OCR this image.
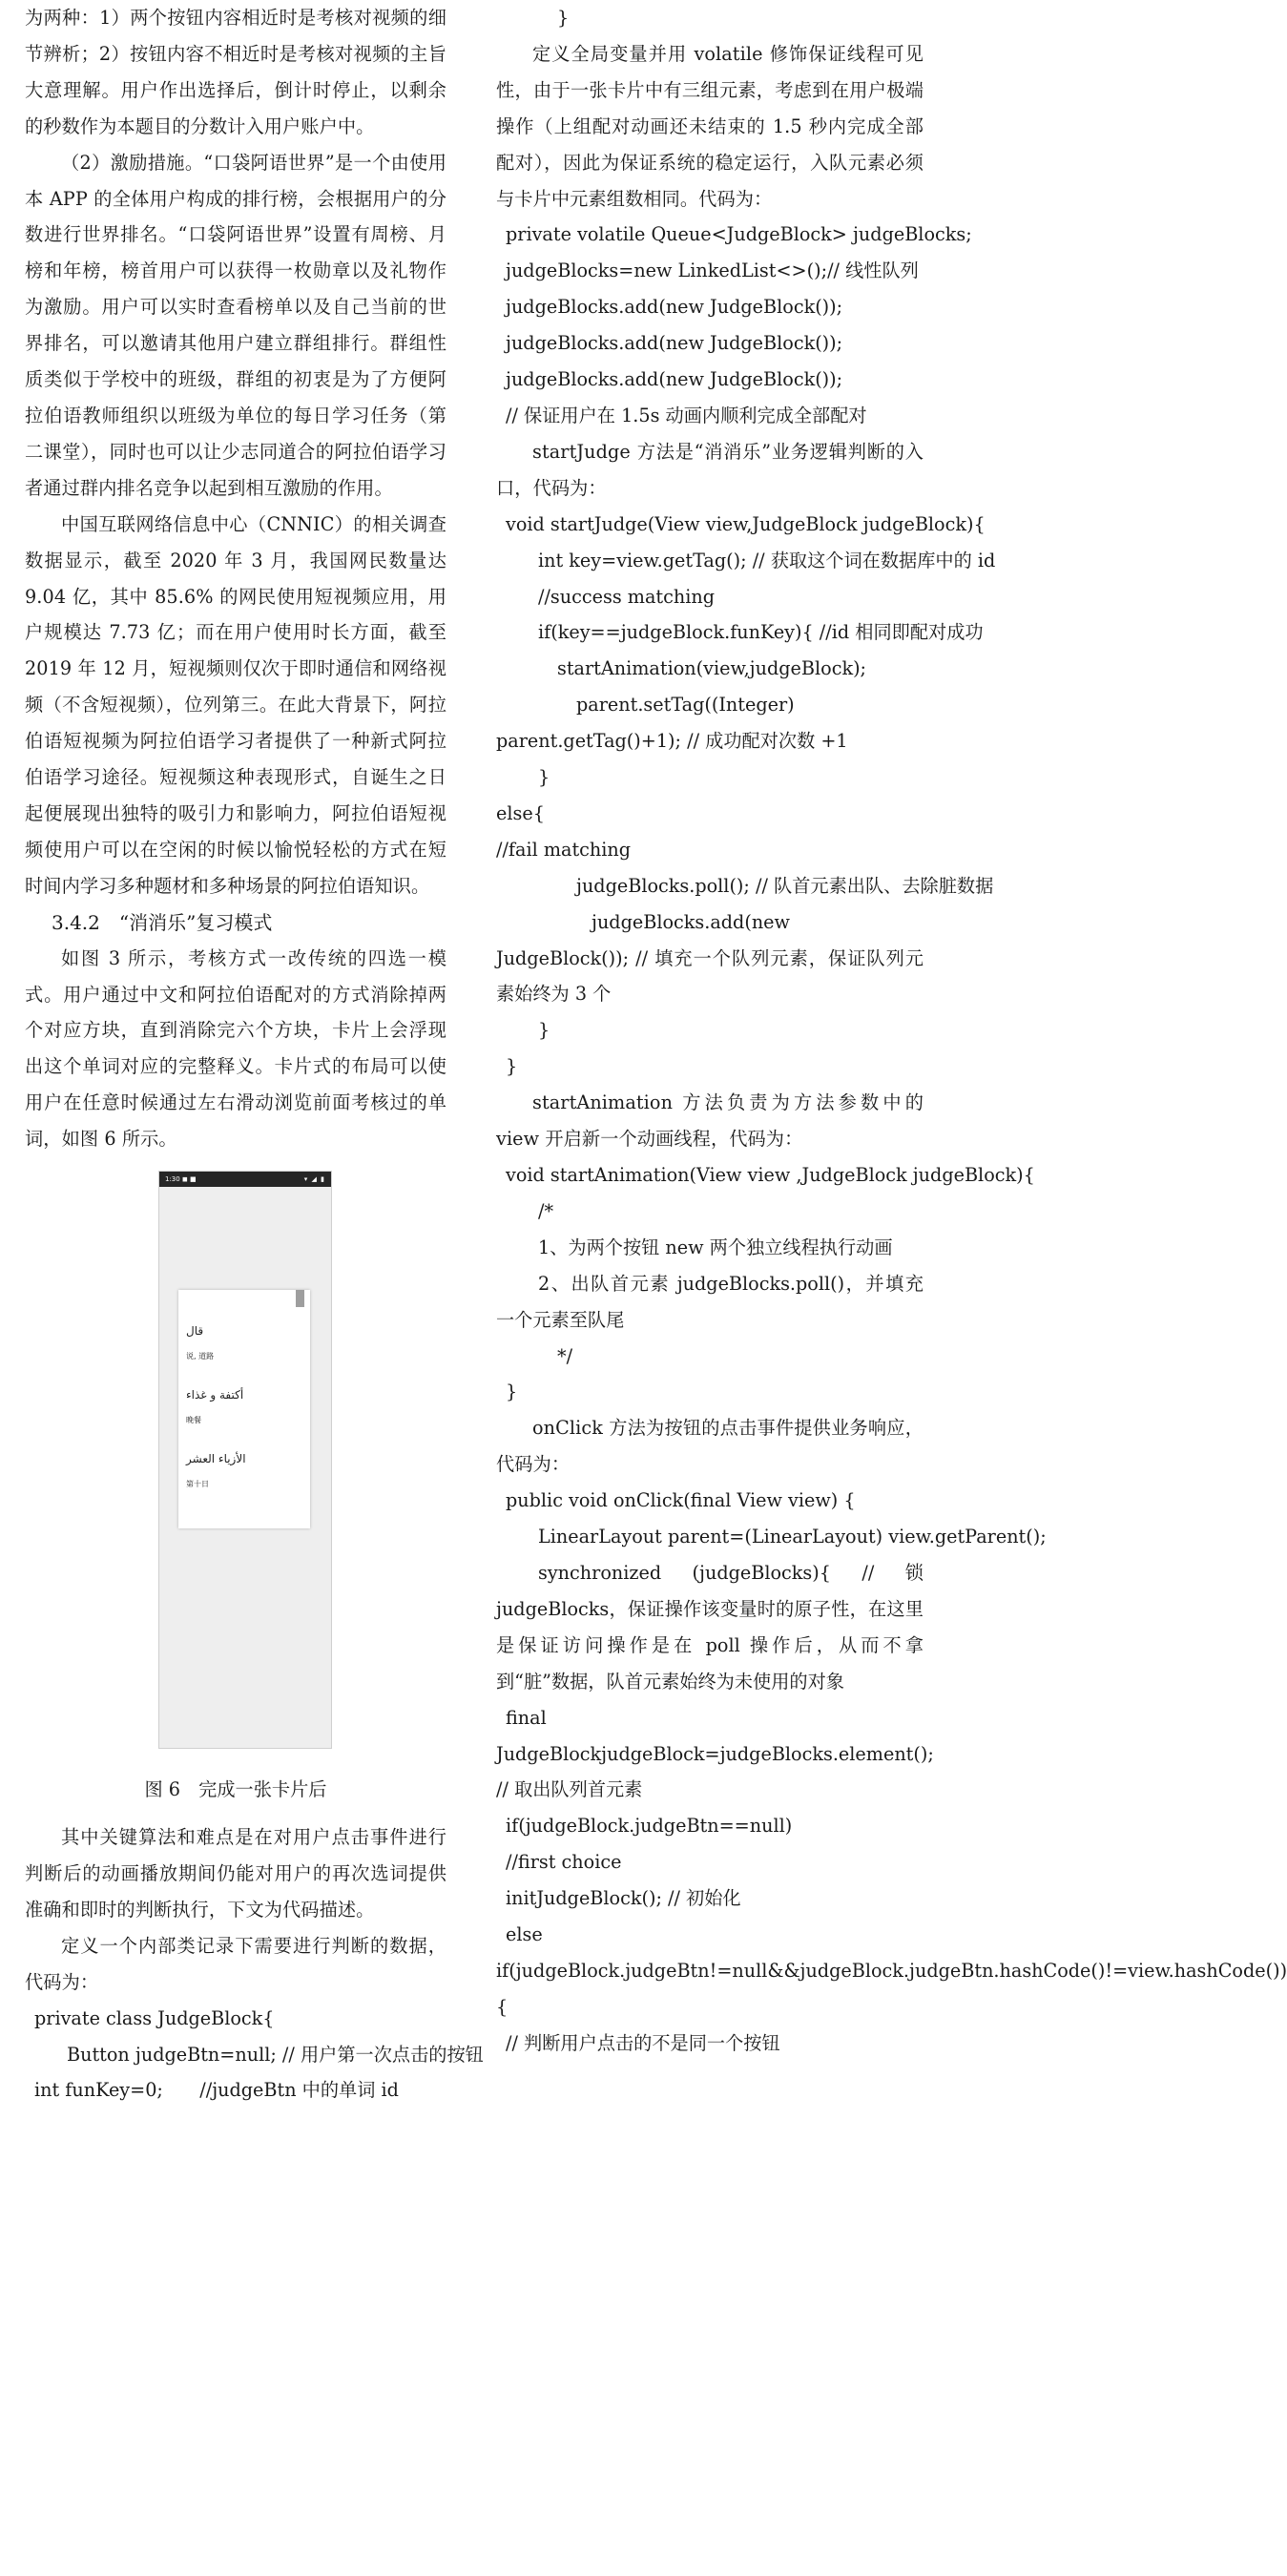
为两种：1）两个按钮内容相近时是考核对视频的细节辨析；2）按钮内容不相近时是考核对视频的主旨大意理解。用户作出选择后，倒计时停止，以剩余的秒数作为本题目的分数计入用户账户中。

（2）激励措施。“口袋阿语世界”是一个由使用本 APP 的全体用户构成的排行榜，会根据用户的分数进行世界排名。“口袋阿语世界”设置有周榜、月榜和年榜，榜首用户可以获得一枚勋章以及礼物作为激励。用户可以实时查看榜单以及自己当前的世界排名，可以邀请其他用户建立群组排行。群组性质类似于学校中的班级，群组的初衷是为了方便阿拉伯语教师组织以班级为单位的每日学习任务（第二课堂），同时也可以让少志同道合的阿拉伯语学习者通过群内排名竞争以起到相互激励的作用。

中国互联网络信息中心（CNNIC）的相关调查数据显示，截至 2020 年 3 月，我国网民数量达 9.04 亿，其中 85.6% 的网民使用短视频应用，用户规模达 7.73 亿；而在用户使用时长方面，截至 2019 年 12 月，短视频则仅次于即时通信和网络视频（不含短视频），位列第三。在此大背景下，阿拉伯语短视频为阿拉伯语学习者提供了一种新式阿拉伯语学习途径。短视频这种表现形式，自诞生之日起便展现出独特的吸引力和影响力，阿拉伯语短视频使用户可以在空闲的时候以愉悦轻松的方式在短时间内学习多种题材和多种场景的阿拉伯语知识。

3.4.2　“消消乐”复习模式

如图 3 所示，考核方式一改传统的四选一模式。用户通过中文和阿拉伯语配对的方式消除掉两个对应方块，直到消除完六个方块，卡片上会浮现出这个单词对应的完整释义。卡片式的布局可以使用户在任意时候通过左右滑动浏览前面考核过的单词，如图 6 所示。

1:30 ◼ ■	▾ ◢ ▮

قال

说, 道路

أكتفة و غذاء

晚餐

الأزياء العشر

第十日

图 6　完成一张卡片后

其中关键算法和难点是在对用户点击事件进行判断后的动画播放期间仍能对用户的再次选词提供准确和即时的判断执行，下文为代码描述。

定义一个内部类记录下需要进行判断的数据，代码为：

private class JudgeBlock{

Button judgeBtn=null; // 用户第一次点击的按钮

int funKey=0;　　//judgeBtn 中的单词 id

}

定义全局变量并用 volatile 修饰保证线程可见性，由于一张卡片中有三组元素，考虑到在用户极端操作（上组配对动画还未结束的 1.5 秒内完成全部配对），因此为保证系统的稳定运行，入队元素必须与卡片中元素组数相同。代码为：

private volatile Queue<JudgeBlock> judgeBlocks;

judgeBlocks=new LinkedList<>();// 线性队列

judgeBlocks.add(new JudgeBlock());

judgeBlocks.add(new JudgeBlock());

judgeBlocks.add(new JudgeBlock());

// 保证用户在 1.5s 动画内顺利完成全部配对

startJudge 方法是“消消乐”业务逻辑判断的入口，代码为：

void startJudge(View view,JudgeBlock judgeBlock){

int key=view.getTag(); // 获取这个词在数据库中的 id

//success matching

if(key==judgeBlock.funKey){ //id 相同即配对成功

startAnimation(view,judgeBlock);

parent.setTag((Integer) parent.getTag()+1); // 成功配对次数 +1

}

else{

//fail matching

judgeBlocks.poll(); // 队首元素出队、去除脏数据

judgeBlocks.add(new JudgeBlock()); // 填充一个队列元素，保证队列元素始终为 3 个

}

}

startAnimation 方法负责为方法参数中的 view 开启新一个动画线程，代码为：

void startAnimation(View view ,JudgeBlock judgeBlock){

/*

1、为两个按钮 new 两个独立线程执行动画

2、出队首元素 judgeBlocks.poll()，并填充一个元素至队尾

*/

}

onClick 方法为按钮的点击事件提供业务响应，代码为：

public void onClick(final View view) {

LinearLayout parent=(LinearLayout) view.getParent();

synchronized (judgeBlocks){ // 锁 judgeBlocks，保证操作该变量时的原子性，在这里是保证访问操作是在 poll 操作后，从而不拿到“脏”数据，队首元素始终为未使用的对象

final JudgeBlockjudgeBlock=judgeBlocks.element(); // 取出队列首元素

if(judgeBlock.judgeBtn==null)

//first choice

initJudgeBlock(); // 初始化

else if(judgeBlock.judgeBtn!=null&&judgeBlock.judgeBtn.hashCode()!=view.hashCode()){

// 判断用户点击的不是同一个按钮
